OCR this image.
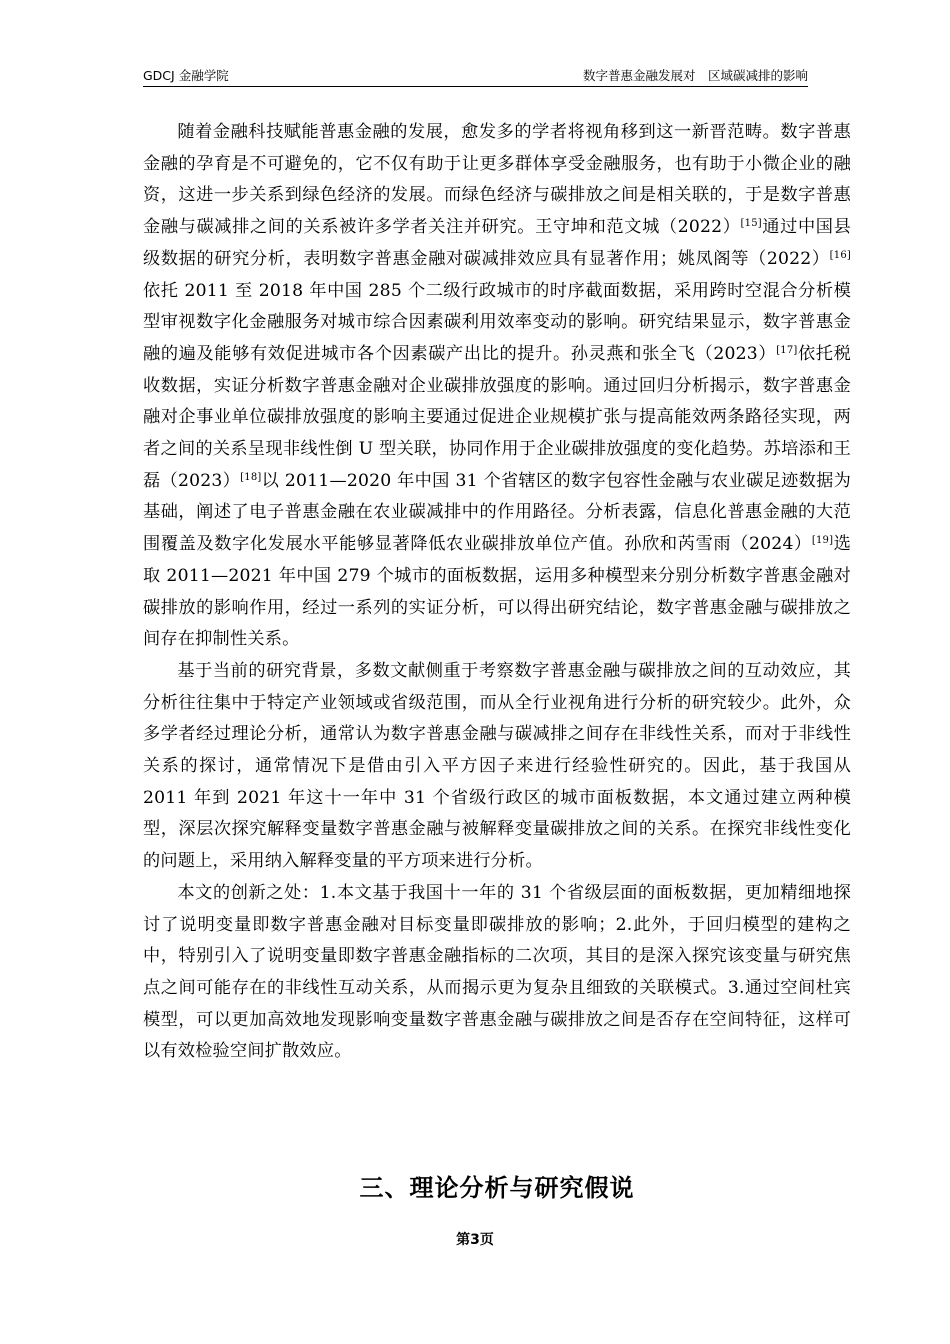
GDCJ 金融学院	数字普惠金融发展对　区域碳减排的影响

随着金融科技赋能普惠金融的发展，愈发多的学者将视角移到这一新晋范畴。数字普惠金融的孕育是不可避免的，它不仅有助于让更多群体享受金融服务，也有助于小微企业的融资，这进一步关系到绿色经济的发展。而绿色经济与碳排放之间是相关联的，于是数字普惠金融与碳减排之间的关系被许多学者关注并研究。王守坤和范文城（2022）[15]通过中国县级数据的研究分析，表明数字普惠金融对碳减排效应具有显著作用；姚凤阁等（2022）[16]依托 2011 至 2018 年中国 285 个二级行政城市的时序截面数据，采用跨时空混合分析模型审视数字化金融服务对城市综合因素碳利用效率变动的影响。研究结果显示，数字普惠金融的遍及能够有效促进城市各个因素碳产出比的提升。孙灵燕和张全飞（2023）[17]依托税收数据，实证分析数字普惠金融对企业碳排放强度的影响。通过回归分析揭示，数字普惠金融对企事业单位碳排放强度的影响主要通过促进企业规模扩张与提高能效两条路径实现，两者之间的关系呈现非线性倒 U 型关联，协同作用于企业碳排放强度的变化趋势。苏培添和王磊（2023）[18]以 2011—2020 年中国 31 个省辖区的数字包容性金融与农业碳足迹数据为基础，阐述了电子普惠金融在农业碳减排中的作用路径。分析表露，信息化普惠金融的大范围覆盖及数字化发展水平能够显著降低农业碳排放单位产值。孙欣和芮雪雨（2024）[19]选取 2011—2021 年中国 279 个城市的面板数据，运用多种模型来分别分析数字普惠金融对碳排放的影响作用，经过一系列的实证分析，可以得出研究结论，数字普惠金融与碳排放之间存在抑制性关系。

基于当前的研究背景，多数文献侧重于考察数字普惠金融与碳排放之间的互动效应，其分析往往集中于特定产业领域或省级范围，而从全行业视角进行分析的研究较少。此外，众多学者经过理论分析，通常认为数字普惠金融与碳减排之间存在非线性关系，而对于非线性关系的探讨，通常情况下是借由引入平方因子来进行经验性研究的。因此，基于我国从 2011 年到 2021 年这十一年中 31 个省级行政区的城市面板数据，本文通过建立两种模型，深层次探究解释变量数字普惠金融与被解释变量碳排放之间的关系。在探究非线性变化的问题上，采用纳入解释变量的平方项来进行分析。

本文的创新之处：1.本文基于我国十一年的 31 个省级层面的面板数据，更加精细地探讨了说明变量即数字普惠金融对目标变量即碳排放的影响；2.此外，于回归模型的建构之中，特别引入了说明变量即数字普惠金融指标的二次项，其目的是深入探究该变量与研究焦点之间可能存在的非线性互动关系，从而揭示更为复杂且细致的关联模式。3.通过空间杜宾模型，可以更加高效地发现影响变量数字普惠金融与碳排放之间是否存在空间特征，这样可以有效检验空间扩散效应。

三、理论分析与研究假说
第3页
